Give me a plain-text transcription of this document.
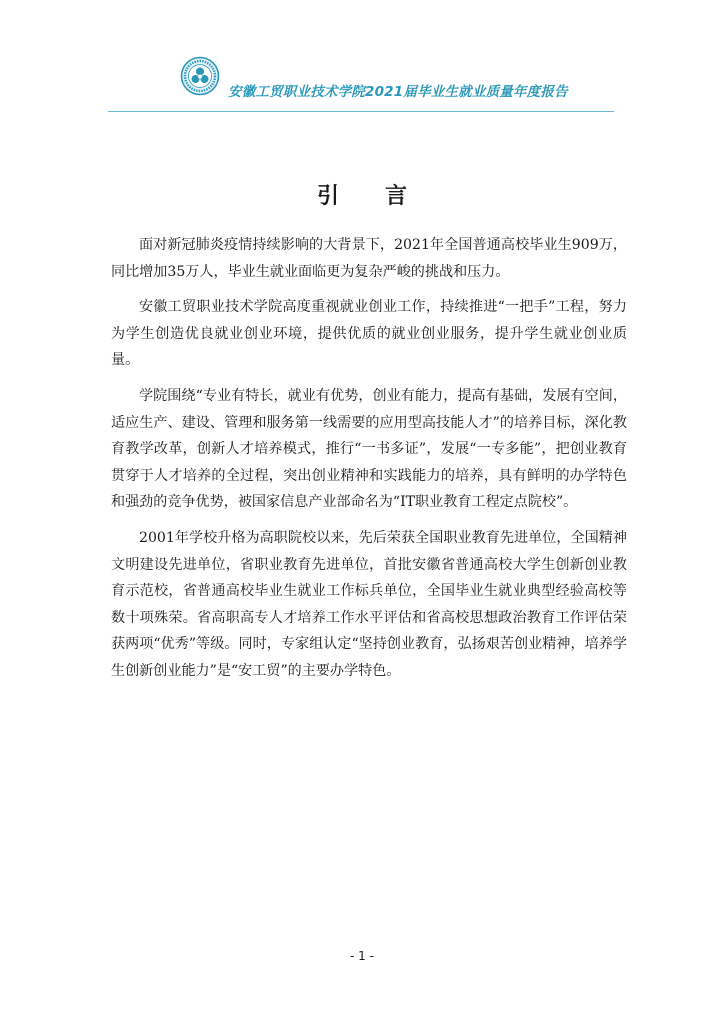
安徽工贸职业技术学院2021届毕业生就业质量年度报告
引言

面对新冠肺炎疫情持续影响的大背景下，2021年全国普通高校毕业生909万，同比增加35万人，毕业生就业面临更为复杂严峻的挑战和压力。

安徽工贸职业技术学院高度重视就业创业工作，持续推进“一把手”工程，努力为学生创造优良就业创业环境，提供优质的就业创业服务，提升学生就业创业质量。

学院围绕“专业有特长，就业有优势，创业有能力，提高有基础，发展有空间，适应生产、建设、管理和服务第一线需要的应用型高技能人才”的培养目标，深化教育教学改革，创新人才培养模式，推行“一书多证”，发展“一专多能”，把创业教育贯穿于人才培养的全过程，突出创业精神和实践能力的培养，具有鲜明的办学特色和强劲的竞争优势，被国家信息产业部命名为“IT职业教育工程定点院校”。

2001年学校升格为高职院校以来，先后荣获全国职业教育先进单位，全国精神文明建设先进单位，省职业教育先进单位，首批安徽省普通高校大学生创新创业教育示范校，省普通高校毕业生就业工作标兵单位，全国毕业生就业典型经验高校等数十项殊荣。省高职高专人才培养工作水平评估和省高校思想政治教育工作评估荣获两项“优秀”等级。同时，专家组认定“坚持创业教育，弘扬艰苦创业精神，培养学生创新创业能力”是“安工贸”的主要办学特色。

- 1 -
